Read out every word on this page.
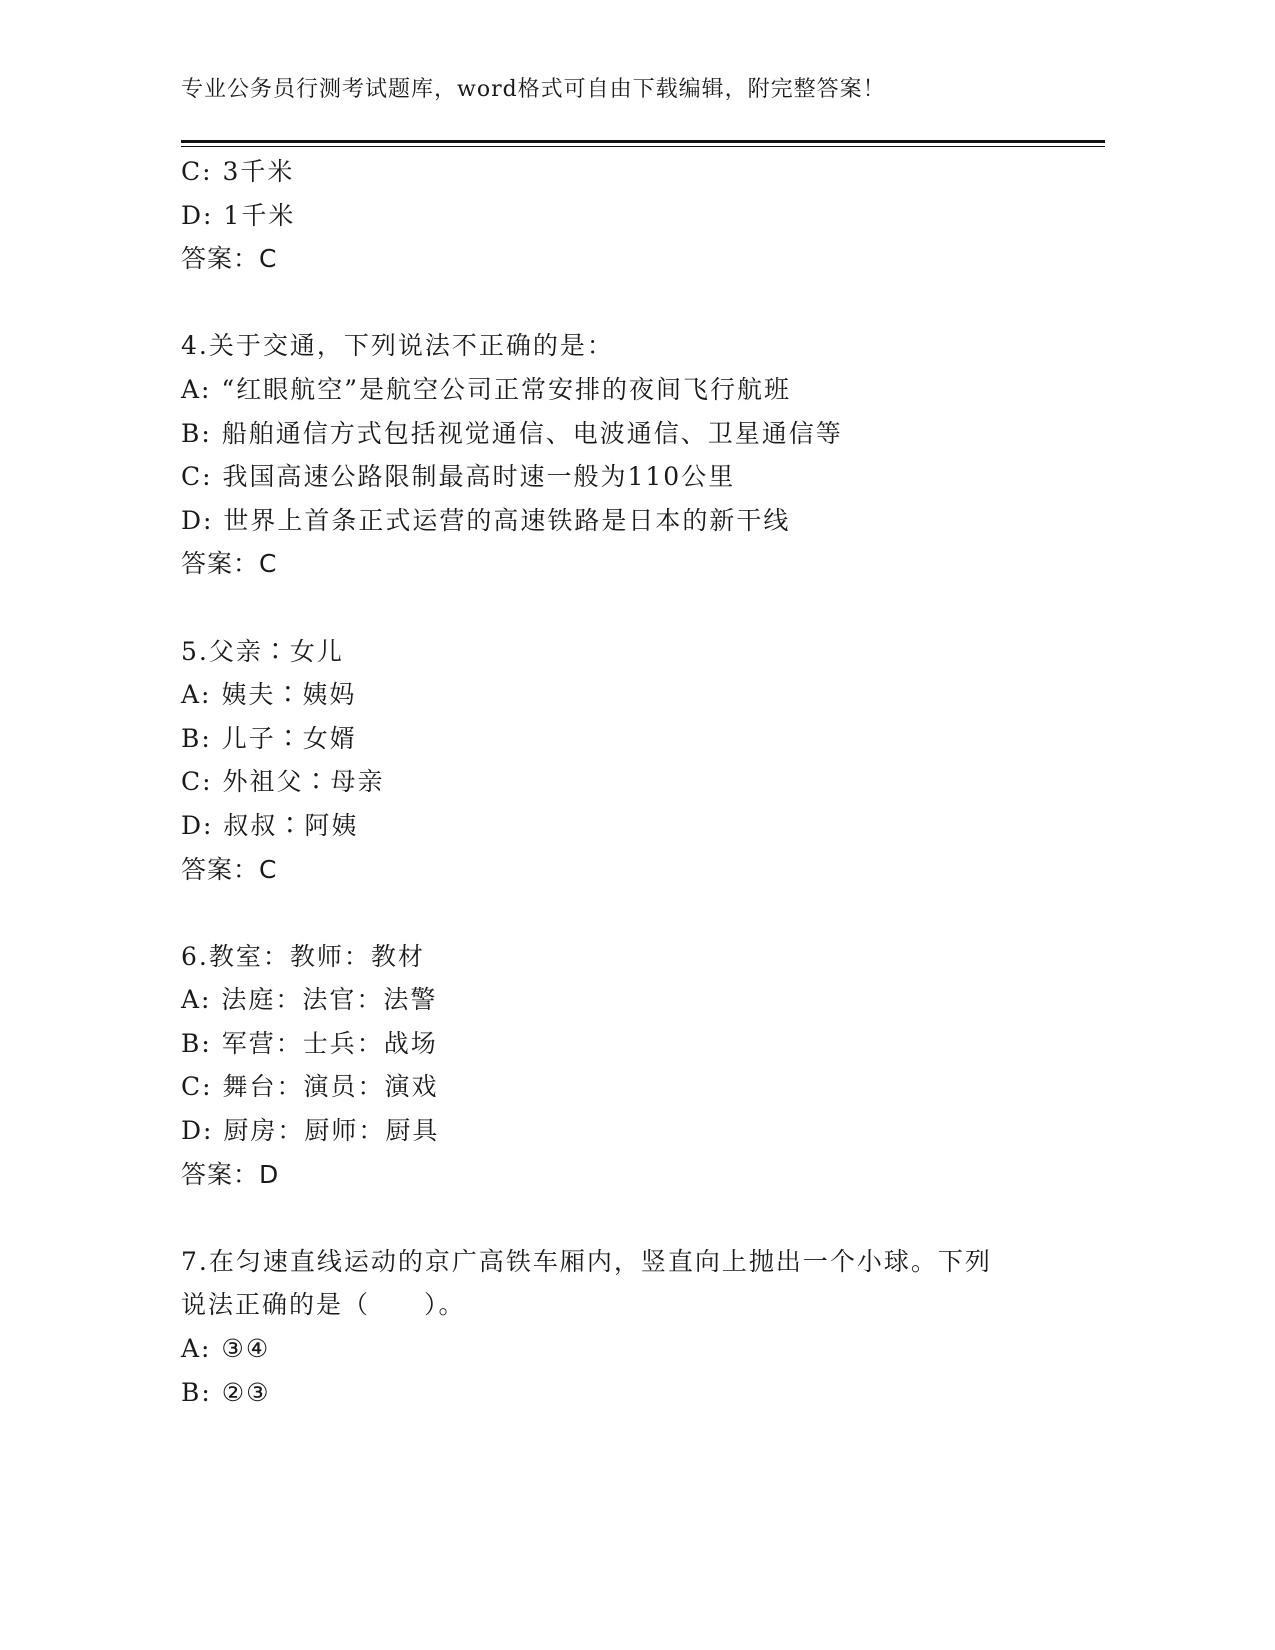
专业公务员行测考试题库，word格式可自由下载编辑，附完整答案！
C: 3千米
D: 1千米
答案：C
4.关于交通，下列说法不正确的是：
A: “红眼航空”是航空公司正常安排的夜间飞行航班
B: 船舶通信方式包括视觉通信、电波通信、卫星通信等
C: 我国高速公路限制最高时速一般为110公里
D: 世界上首条正式运营的高速铁路是日本的新干线
答案：C
5.父亲∶女儿
A: 姨夫∶姨妈
B: 儿子∶女婿
C: 外祖父∶母亲
D: 叔叔∶阿姨
答案：C
6.教室：教师：教材
A: 法庭：法官：法警
B: 军营：士兵：战场
C: 舞台：演员：演戏
D: 厨房：厨师：厨具
答案：D
7.在匀速直线运动的京广高铁车厢内，竖直向上抛出一个小球。下列
说法正确的是（　　）。
A: ③④
B: ②③
